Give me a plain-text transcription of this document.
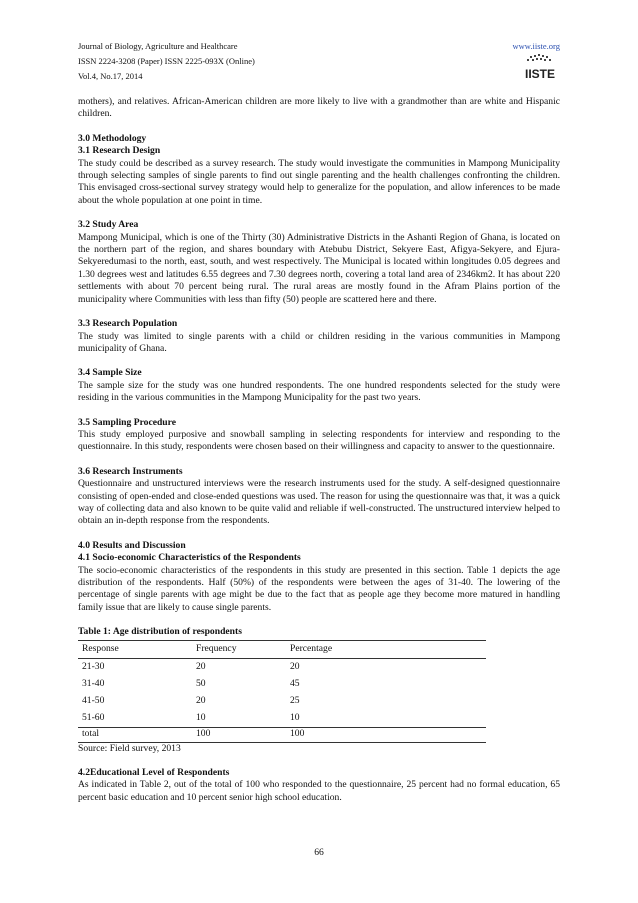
Journal of Biology, Agriculture and Healthcare
ISSN 2224-3208 (Paper) ISSN 2225-093X (Online)
Vol.4, No.17, 2014
www.iiste.org
IISTE

mothers), and relatives. African-American children are more likely to live with a grandmother than are white and Hispanic children.

3.0 Methodology
3.1 Research Design

The study could be described as a survey research. The study would investigate the communities in Mampong Municipality through selecting samples of single parents to find out single parenting and the health challenges confronting the children. This envisaged cross-sectional survey strategy would help to generalize for the population, and allow inferences to be made about the whole population at one point in time.

3.2 Study Area

Mampong Municipal, which is one of the Thirty (30) Administrative Districts in the Ashanti Region of Ghana, is located on the northern part of the region, and shares boundary with Atebubu District, Sekyere East, Afigya-Sekyere, and Ejura-Sekyeredumasi to the north, east, south, and west respectively. The Municipal is located within longitudes 0.05 degrees and 1.30 degrees west and latitudes 6.55 degrees and 7.30 degrees north, covering a total land area of 2346km2. It has about 220 settlements with about 70 percent being rural. The rural areas are mostly found in the Afram Plains portion of the municipality where Communities with less than fifty (50) people are scattered here and there.

3.3 Research Population

The study was limited to single parents with a child or children residing in the various communities in Mampong municipality of Ghana.

3.4 Sample Size

The sample size for the study was one hundred respondents. The one hundred respondents selected for the study were residing in the various communities in the Mampong Municipality for the past two years.

3.5 Sampling Procedure

This study employed purposive and snowball sampling in selecting respondents for interview and responding to the questionnaire. In this study, respondents were chosen based on their willingness and capacity to answer to the questionnaire.

3.6 Research Instruments

Questionnaire and unstructured interviews were the research instruments used for the study. A self-designed questionnaire consisting of open-ended and close-ended questions was used. The reason for using the questionnaire was that, it was a quick way of collecting data and also known to be quite valid and reliable if well-constructed. The unstructured interview helped to obtain an in-depth response from the respondents.

4.0 Results and Discussion
4.1 Socio-economic Characteristics of the Respondents

The socio-economic characteristics of the respondents in this study are presented in this section. Table 1 depicts the age distribution of the respondents. Half (50%) of the respondents were between the ages of 31-40. The lowering of the percentage of single parents with age might be due to the fact that as people age they become more matured in handling family issue that are likely to cause single parents.

Table 1: Age distribution of respondents
Response	Frequency	Percentage
21-30	20	20
31-40	50	45
41-50	20	25
51-60	10	10
total	100	100
Source: Field survey, 2013
4.2Educational Level of Respondents

As indicated in Table 2, out of the total of 100 who responded to the questionnaire, 25 percent had no formal education, 65 percent basic education and 10 percent senior high school education.

66
